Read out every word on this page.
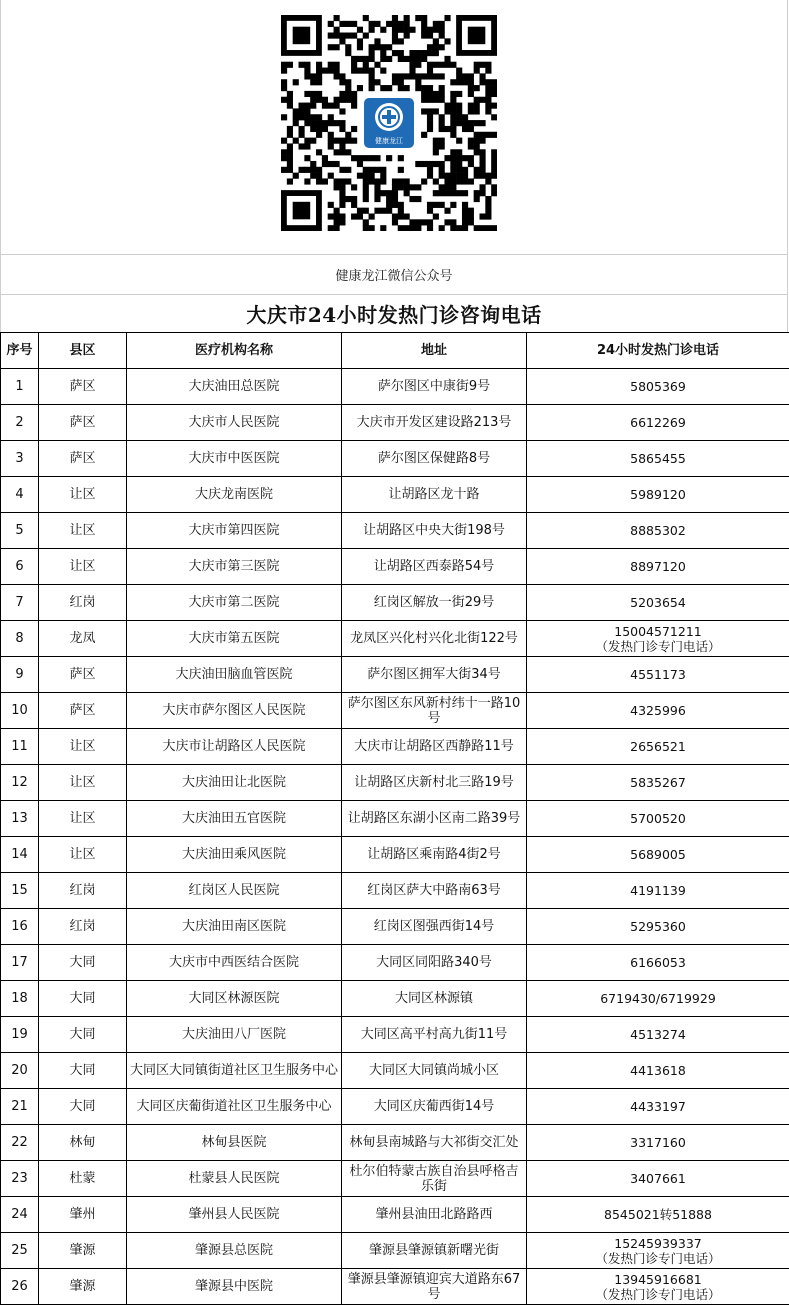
健康龙江
健康龙江微信公众号
大庆市24小时发热门诊咨询电话
序号	县区	医疗机构名称	地址	24小时发热门诊电话
1	萨区	大庆油田总医院	萨尔图区中康街9号	5805369

2	萨区	大庆市人民医院	大庆市开发区建设路213号	6612269

3	萨区	大庆市中医医院	萨尔图区保健路8号	5865455

4	让区	大庆龙南医院	让胡路区龙十路	5989120

5	让区	大庆市第四医院	让胡路区中央大街198号	8885302

6	让区	大庆市第三医院	让胡路区西泰路54号	8897120

7	红岗	大庆市第二医院	红岗区解放一街29号	5203654

8	龙凤	大庆市第五医院	龙凤区兴化村兴化北街122号	15004571211
（发热门诊专门电话）

9	萨区	大庆油田脑血管医院	萨尔图区拥军大街34号	4551173

10	萨区	大庆市萨尔图区人民医院	萨尔图区东风新村纬十一路10号	4325996

11	让区	大庆市让胡路区人民医院	大庆市让胡路区西静路11号	2656521

12	让区	大庆油田让北医院	让胡路区庆新村北三路19号	5835267

13	让区	大庆油田五官医院	让胡路区东湖小区南二路39号	5700520

14	让区	大庆油田乘风医院	让胡路区乘南路4街2号	5689005

15	红岗	红岗区人民医院	红岗区萨大中路南63号	4191139

16	红岗	大庆油田南区医院	红岗区图强西街14号	5295360

17	大同	大庆市中西医结合医院	大同区同阳路340号	6166053

18	大同	大同区林源医院	大同区林源镇	6719430/6719929

19	大同	大庆油田八厂医院	大同区高平村高九街11号	4513274

20	大同	大同区大同镇街道社区卫生服务中心	大同区大同镇尚城小区	4413618

21	大同	大同区庆葡街道社区卫生服务中心	大同区庆葡西街14号	4433197

22	林甸	林甸县医院	林甸县南城路与大祁街交汇处	3317160

23	杜蒙	杜蒙县人民医院	杜尔伯特蒙古族自治县呼格吉乐街	3407661

24	肇州	肇州县人民医院	肇州县油田北路路西	8545021转51888

25	肇源	肇源县总医院	肇源县肇源镇新曙光街	15245939337
（发热门诊专门电话）

26	肇源	肇源县中医院	肇源县肇源镇迎宾大道路东67号	13945916681
（发热门诊专门电话）
